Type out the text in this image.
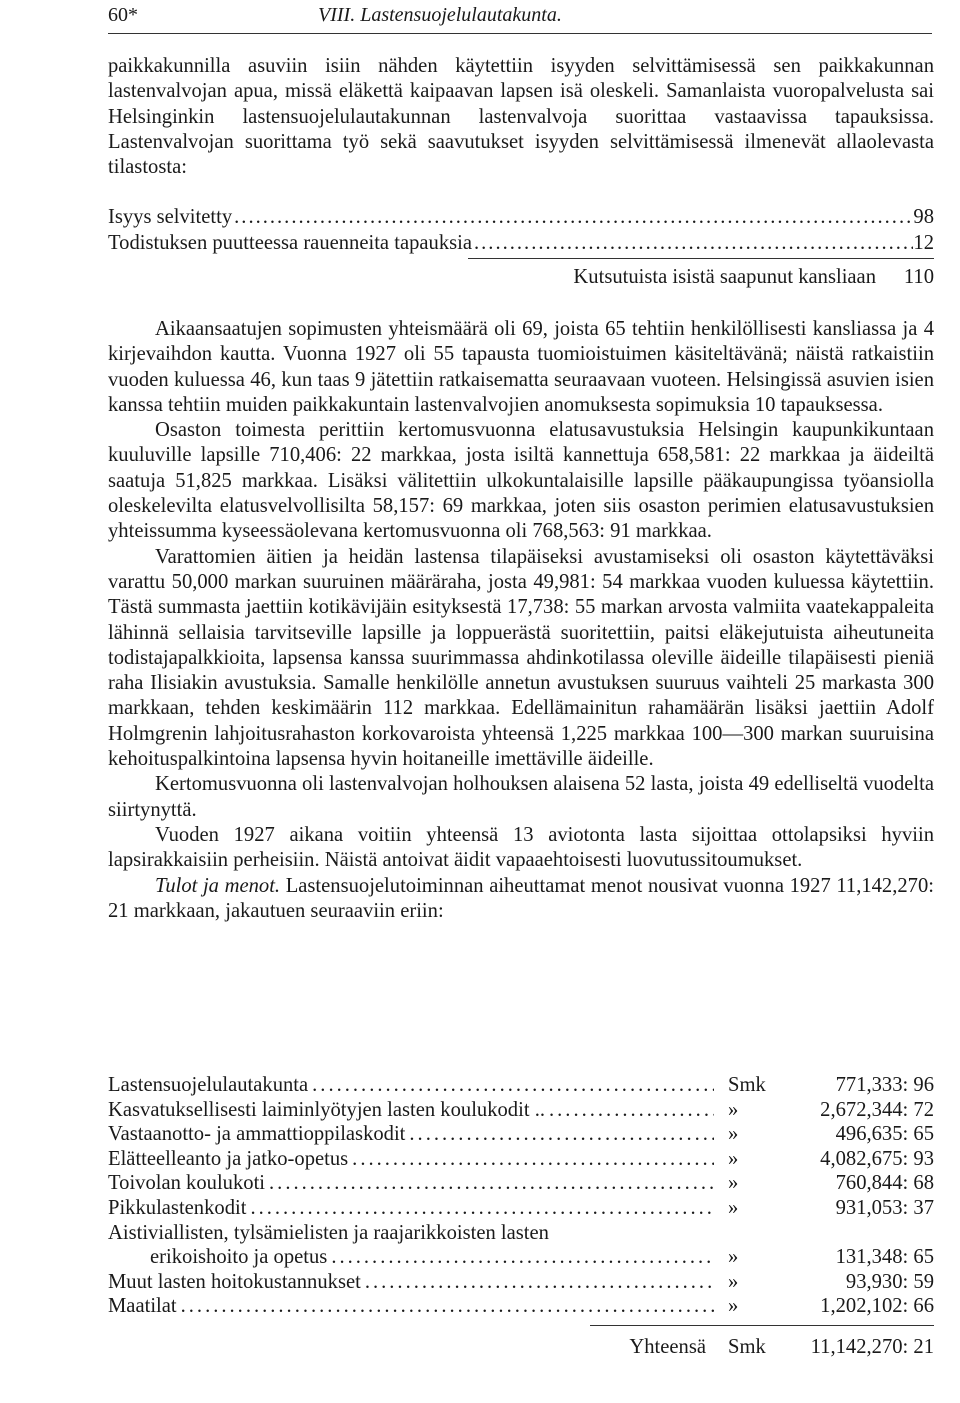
60*	VIII. Lastensuojelulautakunta.

paikkakunnilla asuviin isiin nähden käytettiin isyyden selvittämisessä sen paikkakunnan lastenvalvojan apua, missä eläkettä kaipaavan lapsen isä oleskeli. Samanlaista vuoropalvelusta sai Helsinginkin lastensuojelulautakunnan lastenvalvoja suorittaa vastaavissa tapauksissa. Lastenvalvojan suorittama työ sekä saavutukset isyyden selvittämisessä ilmenevät allaolevasta tilastosta:

Isyys selvitetty .....	98
Todistuksen puutteessa rauenneita tapauksia .....	12
Kutsutuista isistä saapunut kansliaan 110

Aikaansaatujen sopimusten yhteismäärä oli 69, joista 65 tehtiin henkilöllisesti kansliassa ja 4 kirjevaihdon kautta. Vuonna 1927 oli 55 tapausta tuomioistuimen käsiteltävänä; näistä ratkaistiin vuoden kuluessa 46, kun taas 9 jätettiin ratkaisematta seuraavaan vuoteen. Helsingissä asuvien isien kanssa tehtiin muiden paikkakuntain lastenvalvojien anomuksesta sopimuksia 10 tapauksessa.

Osaston toimesta perittiin kertomusvuonna elatusavustuksia Helsingin kaupunkikuntaan kuuluville lapsille 710,406: 22 markkaa, josta isiltä kannettuja 658,581: 22 markkaa ja äideiltä saatuja 51,825 markkaa. Lisäksi välitettiin ulkokuntalaisille lapsille pääkaupungissa työansiolla oleskelevilta elatusvelvollisilta 58,157: 69 markkaa, joten siis osaston perimien elatusavustuksien yhteissumma kyseessäolevana kertomusvuonna oli 768,563: 91 markkaa.

Varattomien äitien ja heidän lastensa tilapäiseksi avustamiseksi oli osaston käytettäväksi varattu 50,000 markan suuruinen määräraha, josta 49,981: 54 markkaa vuoden kuluessa käytettiin. Tästä summasta jaettiin kotikävijäin esityksestä 17,738: 55 markan arvosta valmiita vaatekappaleita lähinnä sellaisia tarvitseville lapsille ja loppuerästä suoritettiin, paitsi eläkejutuista aiheutuneita todistajapalkkioita, lapsensa kanssa suurimmassa ahdinkotilassa oleville äideille tilapäisesti pieniä raha Ilisiakin avustuksia. Samalle henkilölle annetun avustuksen suuruus vaihteli 25 markasta 300 markkaan, tehden keskimäärin 112 markkaa. Edellämainitun rahamäärän lisäksi jaettiin Adolf Holmgrenin lahjoitusrahaston korkovaroista yhteensä 1,225 markkaa 100—300 markan suuruisina kehoituspalkintoina lapsensa hyvin hoitaneille imettäville äideille.

Kertomusvuonna oli lastenvalvojan holhouksen alaisena 52 lasta, joista 49 edelliseltä vuodelta siirtynyttä.

Vuoden 1927 aikana voitiin yhteensä 13 aviotonta lasta sijoittaa ottolapsiksi hyviin lapsirakkaisiin perheisiin. Näistä antoivat äidit vapaaehtoisesti luovutussitoumukset.

Tulot ja menot. Lastensuojelutoiminnan aiheuttamat menot nousivat vuonna 1927 11,142,270: 21 markkaan, jakautuen seuraaviin eriin:

Lastensuojelulautakunta .....	Smk	771,333: 96
Kasvatuksellisesti laiminlyötyjen lasten koulukodit .. .....	»	2,672,344: 72
Vastaanotto- ja ammattioppilaskodit .....	»	496,635: 65
Elätteelleanto ja jatko-opetus .....	»	4,082,675: 93
Toivolan koulukoti .....	»	760,844: 68
Pikkulastenkodit .....	»	931,053: 37
Aistiviallisten, tylsämielisten ja raajarikkoisten lasten
erikoishoito ja opetus .....	»	131,348: 65
Muut lasten hoitokustannukset .....	»	93,930: 59
Maatilat .....	»	1,202,102: 66
Yhteensä	Smk	11,142,270: 21
